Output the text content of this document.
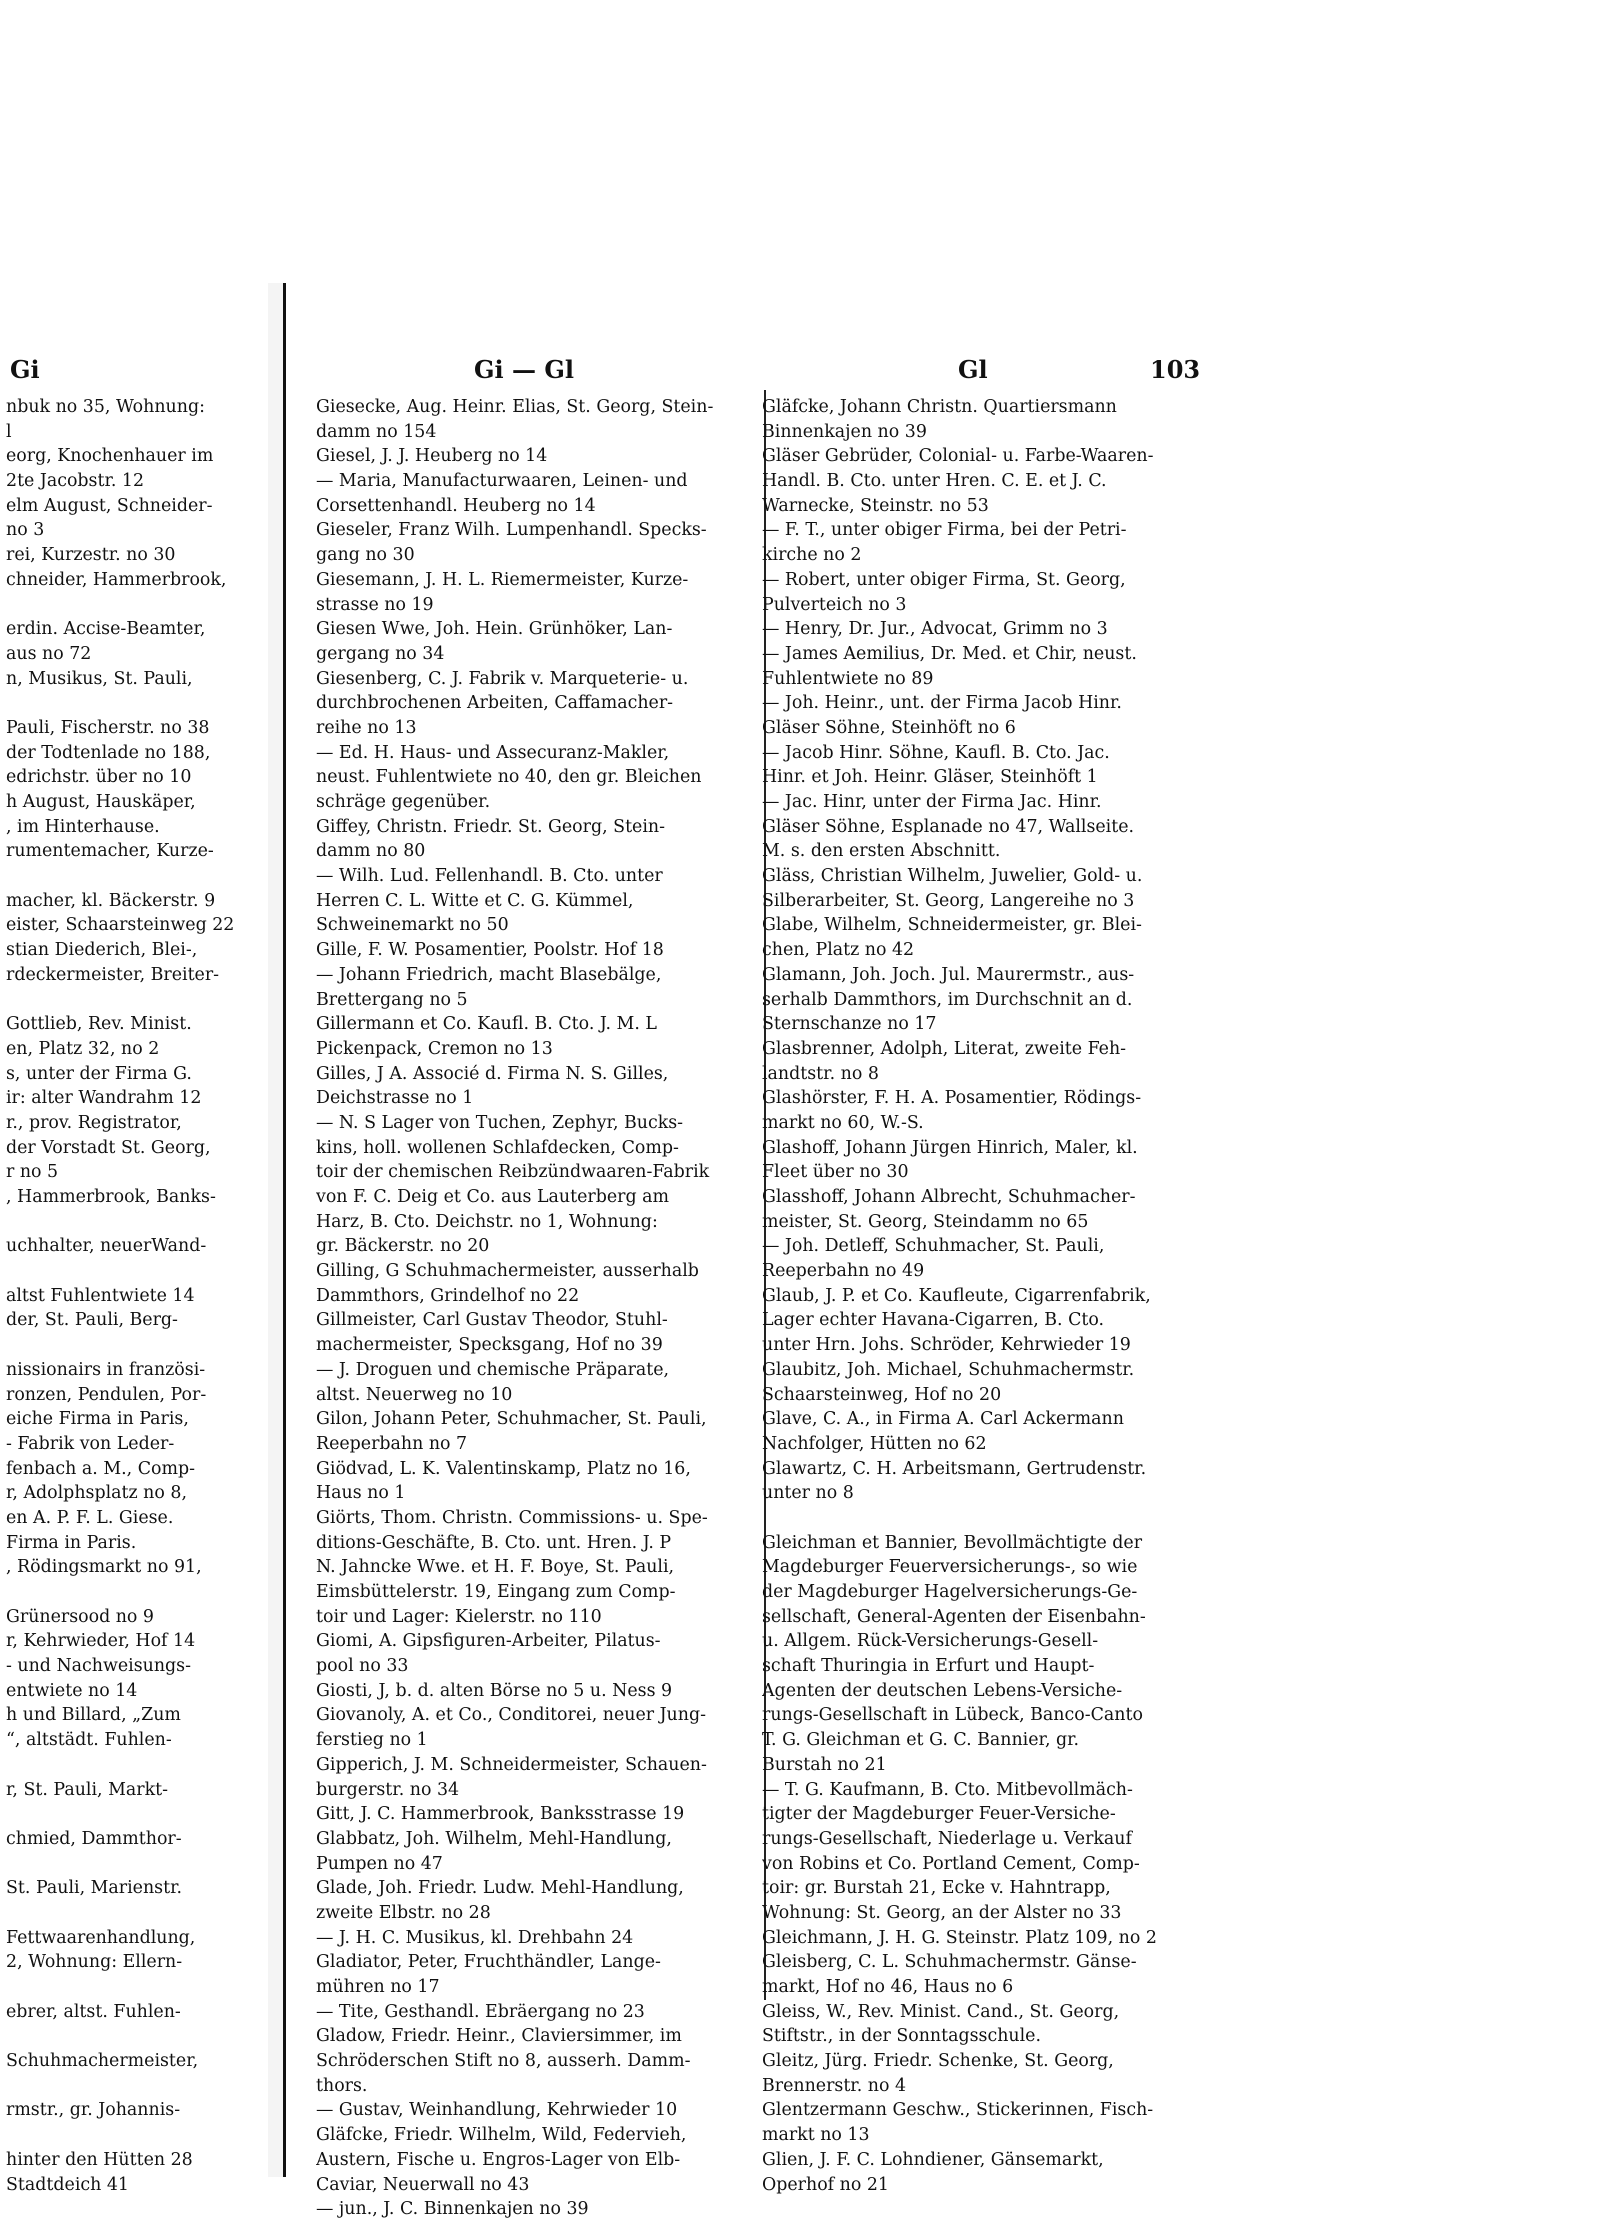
Gi	Gi — Gl	Gl	103
nbuk no 35, Wohnung:
l
eorg, Knochenhauer im
2te Jacobstr. 12
elm August, Schneider-
no 3
rei, Kurzestr. no 30
chneider, Hammerbrook,
erdin. Accise-Beamter,
aus no 72
n, Musikus, St. Pauli,
Pauli, Fischerstr. no 38
der Todtenlade no 188,
edrichstr. über no 10
h August, Hauskäper,
, im Hinterhause.
rumentemacher, Kurze-
macher, kl. Bäckerstr. 9
eister, Schaarsteinweg 22
stian Diederich, Blei-,
rdeckermeister, Breiter-
Gottlieb, Rev. Minist.
en, Platz 32, no 2
s, unter der Firma G.
ir: alter Wandrahm 12
r., prov. Registrator,
der Vorstadt St. Georg,
r no 5
, Hammerbrook, Banks-
uchhalter, neuerWand-
altst Fuhlentwiete 14
der, St. Pauli, Berg-
nissionairs in französi-
ronzen, Pendulen, Por-
eiche Firma in Paris,
- Fabrik von Leder-
fenbach a. M., Comp-
r, Adolphsplatz no 8,
en A. P. F. L. Giese.
Firma in Paris.
, Rödingsmarkt no 91,
Grünersood no 9
r, Kehrwieder, Hof 14
- und Nachweisungs-
entwiete no 14
h und Billard, „Zum
“, altstädt. Fuhlen-
r, St. Pauli, Markt-
chmied, Dammthor-
St. Pauli, Marienstr.
Fettwaarenhandlung,
2, Wohnung: Ellern-
ebrer, altst. Fuhlen-
Schuhmachermeister,
rmstr., gr. Johannis-
hinter den Hütten 28
Stadtdeich 41
Giesecke, Aug. Heinr. Elias, St. Georg, Stein-
damm no 154
Giesel, J. J. Heuberg no 14
— Maria, Manufacturwaaren, Leinen- und
Corsettenhandl. Heuberg no 14
Gieseler, Franz Wilh. Lumpenhandl. Specks-
gang no 30
Giesemann, J. H. L. Riemermeister, Kurze-
strasse no 19
Giesen Wwe, Joh. Hein. Grünhöker, Lan-
gergang no 34
Giesenberg, C. J. Fabrik v. Marqueterie- u.
durchbrochenen Arbeiten, Caffamacher-
reihe no 13
— Ed. H. Haus- und Assecuranz-Makler,
neust. Fuhlentwiete no 40, den gr. Bleichen
schräge gegenüber.
Giffey, Christn. Friedr. St. Georg, Stein-
damm no 80
— Wilh. Lud. Fellenhandl. B. Cto. unter
Herren C. L. Witte et C. G. Kümmel,
Schweinemarkt no 50
Gille, F. W. Posamentier, Poolstr. Hof 18
— Johann Friedrich, macht Blasebälge,
Brettergang no 5
Gillermann et Co. Kaufl. B. Cto. J. M. L
Pickenpack, Cremon no 13
Gilles, J A. Associé d. Firma N. S. Gilles,
Deichstrasse no 1
— N. S Lager von Tuchen, Zephyr, Bucks-
kins, holl. wollenen Schlafdecken, Comp-
toir der chemischen Reibzündwaaren-Fabrik
von F. C. Deig et Co. aus Lauterberg am
Harz, B. Cto. Deichstr. no 1, Wohnung:
gr. Bäckerstr. no 20
Gilling, G Schuhmachermeister, ausserhalb
Dammthors, Grindelhof no 22
Gillmeister, Carl Gustav Theodor, Stuhl-
machermeister, Specksgang, Hof no 39
— J. Droguen und chemische Präparate,
altst. Neuerweg no 10
Gilon, Johann Peter, Schuhmacher, St. Pauli,
Reeperbahn no 7
Giödvad, L. K. Valentinskamp, Platz no 16,
Haus no 1
Giörts, Thom. Christn. Commissions- u. Spe-
ditions-Geschäfte, B. Cto. unt. Hren. J. P
N. Jahncke Wwe. et H. F. Boye, St. Pauli,
Eimsbüttelerstr. 19, Eingang zum Comp-
toir und Lager: Kielerstr. no 110
Giomi, A. Gipsfiguren-Arbeiter, Pilatus-
pool no 33
Giosti, J, b. d. alten Börse no 5 u. Ness 9
Giovanoly, A. et Co., Conditorei, neuer Jung-
ferstieg no 1
Gipperich, J. M. Schneidermeister, Schauen-
burgerstr. no 34
Gitt, J. C. Hammerbrook, Banksstrasse 19
Glabbatz, Joh. Wilhelm, Mehl-Handlung,
Pumpen no 47
Glade, Joh. Friedr. Ludw. Mehl-Handlung,
zweite Elbstr. no 28
— J. H. C. Musikus, kl. Drehbahn 24
Gladiator, Peter, Fruchthändler, Lange-
mühren no 17
— Tite, Gesthandl. Ebräergang no 23
Gladow, Friedr. Heinr., Claviersimmer, im
Schröderschen Stift no 8, ausserh. Damm-
thors.
— Gustav, Weinhandlung, Kehrwieder 10
Gläfcke, Friedr. Wilhelm, Wild, Federvieh,
Austern, Fische u. Engros-Lager von Elb-
Caviar, Neuerwall no 43
— jun., J. C. Binnenkajen no 39
Gläfcke, Johann Christn. Quartiersmann
Binnenkajen no 39
Gläser Gebrüder, Colonial- u. Farbe-Waaren-
Handl. B. Cto. unter Hren. C. E. et J. C.
Warnecke, Steinstr. no 53
— F. T., unter obiger Firma, bei der Petri-
kirche no 2
— Robert, unter obiger Firma, St. Georg,
Pulverteich no 3
— Henry, Dr. Jur., Advocat, Grimm no 3
— James Aemilius, Dr. Med. et Chir, neust.
Fuhlentwiete no 89
— Joh. Heinr., unt. der Firma Jacob Hinr.
Gläser Söhne, Steinhöft no 6
— Jacob Hinr. Söhne, Kaufl. B. Cto. Jac.
Hinr. et Joh. Heinr. Gläser, Steinhöft 1
— Jac. Hinr, unter der Firma Jac. Hinr.
Gläser Söhne, Esplanade no 47, Wallseite.
M. s. den ersten Abschnitt.
Gläss, Christian Wilhelm, Juwelier, Gold- u.
Silberarbeiter, St. Georg, Langereihe no 3
Glabe, Wilhelm, Schneidermeister, gr. Blei-
chen, Platz no 42
Glamann, Joh. Joch. Jul. Maurermstr., aus-
serhalb Dammthors, im Durchschnit an d.
Sternschanze no 17
Glasbrenner, Adolph, Literat, zweite Feh-
landtstr. no 8
Glashörster, F. H. A. Posamentier, Rödings-
markt no 60, W.-S.
Glashoff, Johann Jürgen Hinrich, Maler, kl.
Fleet über no 30
Glasshoff, Johann Albrecht, Schuhmacher-
meister, St. Georg, Steindamm no 65
— Joh. Detleff, Schuhmacher, St. Pauli,
Reeperbahn no 49
Glaub, J. P. et Co. Kaufleute, Cigarrenfabrik,
Lager echter Havana-Cigarren, B. Cto.
unter Hrn. Johs. Schröder, Kehrwieder 19
Glaubitz, Joh. Michael, Schuhmachermstr.
Schaarsteinweg, Hof no 20
Glave, C. A., in Firma A. Carl Ackermann
Nachfolger, Hütten no 62
Glawartz, C. H. Arbeitsmann, Gertrudenstr.
unter no 8
Gleichman et Bannier, Bevollmächtigte der
Magdeburger Feuerversicherungs-, so wie
der Magdeburger Hagelversicherungs-Ge-
sellschaft, General-Agenten der Eisenbahn-
u. Allgem. Rück-Versicherungs-Gesell-
schaft Thuringia in Erfurt und Haupt-
Agenten der deutschen Lebens-Versiche-
rungs-Gesellschaft in Lübeck, Banco-Canto
T. G. Gleichman et G. C. Bannier, gr.
Burstah no 21
— T. G. Kaufmann, B. Cto. Mitbevollmäch-
tigter der Magdeburger Feuer-Versiche-
rungs-Gesellschaft, Niederlage u. Verkauf
von Robins et Co. Portland Cement, Comp-
toir: gr. Burstah 21, Ecke v. Hahntrapp,
Wohnung: St. Georg, an der Alster no 33
Gleichmann, J. H. G. Steinstr. Platz 109, no 2
Gleisberg, C. L. Schuhmachermstr. Gänse-
markt, Hof no 46, Haus no 6
Gleiss, W., Rev. Minist. Cand., St. Georg,
Stiftstr., in der Sonntagsschule.
Gleitz, Jürg. Friedr. Schenke, St. Georg,
Brennerstr. no 4
Glentzermann Geschw., Stickerinnen, Fisch-
markt no 13
Glien, J. F. C. Lohndiener, Gänsemarkt,
Operhof no 21
